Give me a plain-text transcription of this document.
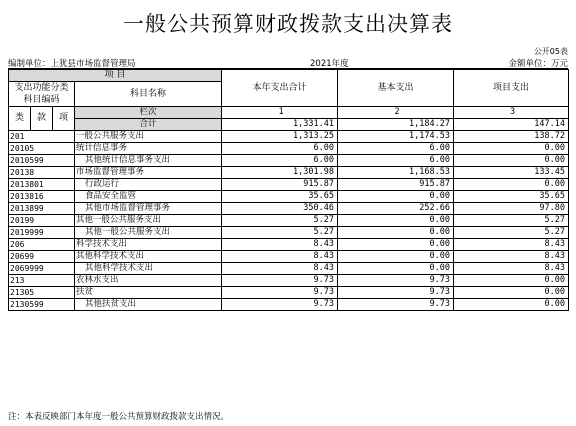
一般公共预算财政拨款支出决算表
公开05表
编制单位：上犹县市场监督管理局	2021年度	金额单位：万元
项 目				本年支出合计	基本支出	项目支出
支出功能分类
科目编码			科目名称			

类	款	项	栏次	1	2	3
			合计	1,331.41	1,184.27	147.14
201			一般公共服务支出	1,313.25	1,174.53	138.72
20105			统计信息事务	6.00	6.00	0.00
2010599			其他统计信息事务支出	6.00	6.00	0.00
20138			市场监督管理事务	1,301.98	1,168.53	133.45
2013801			行政运行	915.87	915.87	0.00
2013816			食品安全监管	35.65	0.00	35.65
2013899			其他市场监督管理事务	350.46	252.66	97.80
20199			其他一般公共服务支出	5.27	0.00	5.27
2019999			其他一般公共服务支出	5.27	0.00	5.27
206			科学技术支出	8.43	0.00	8.43
20699			其他科学技术支出	8.43	0.00	8.43
2069999			其他科学技术支出	8.43	0.00	8.43
213			农林水支出	9.73	9.73	0.00
21305			扶贫	9.73	9.73	0.00
2130599			其他扶贫支出	9.73	9.73	0.00
注：本表反映部门本年度一般公共预算财政拨款支出情况。
